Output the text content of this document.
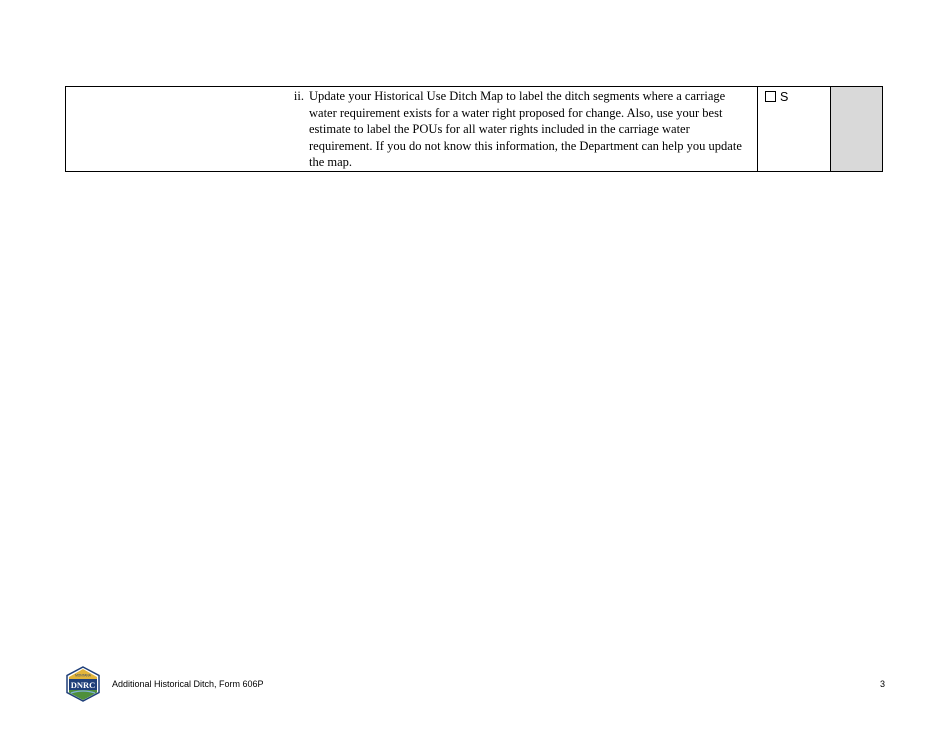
ii. Update your Historical Use Ditch Map to label the ditch segments where a carriage water requirement exists for a water right proposed for change. Also, use your best estimate to label the POUs for all water rights included in the carriage water requirement. If you do not know this information, the Department can help you update the map.

S

MONTANA
DNRC Additional Historical Ditch, Form 606P	3
